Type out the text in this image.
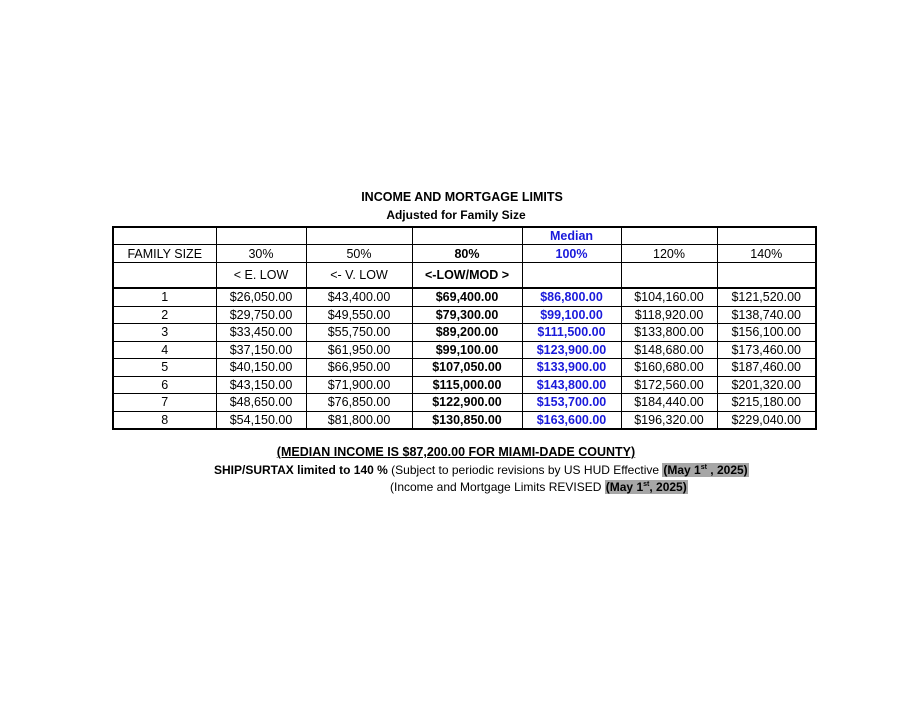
INCOME AND MORTGAGE LIMITS
Adjusted for Family Size
				Median		
FAMILY SIZE	30%	50%	80%	100%	120%	140%
	< E. LOW	<- V. LOW	<-LOW/MOD >			
1	$26,050.00	$43,400.00	$69,400.00	$86,800.00	$104,160.00	$121,520.00
2	$29,750.00	$49,550.00	$79,300.00	$99,100.00	$118,920.00	$138,740.00
3	$33,450.00	$55,750.00	$89,200.00	$111,500.00	$133,800.00	$156,100.00
4	$37,150.00	$61,950.00	$99,100.00	$123,900.00	$148,680.00	$173,460.00
5	$40,150.00	$66,950.00	$107,050.00	$133,900.00	$160,680.00	$187,460.00
6	$43,150.00	$71,900.00	$115,000.00	$143,800.00	$172,560.00	$201,320.00
7	$48,650.00	$76,850.00	$122,900.00	$153,700.00	$184,440.00	$215,180.00
8	$54,150.00	$81,800.00	$130,850.00	$163,600.00	$196,320.00	$229,040.00
(MEDIAN INCOME IS $87,200.00 FOR MIAMI-DADE COUNTY)
SHIP/SURTAX limited to 140 % (Subject to periodic revisions by US HUD Effective (May 1st , 2025)
(Income and Mortgage Limits REVISED (May 1st, 2025)
